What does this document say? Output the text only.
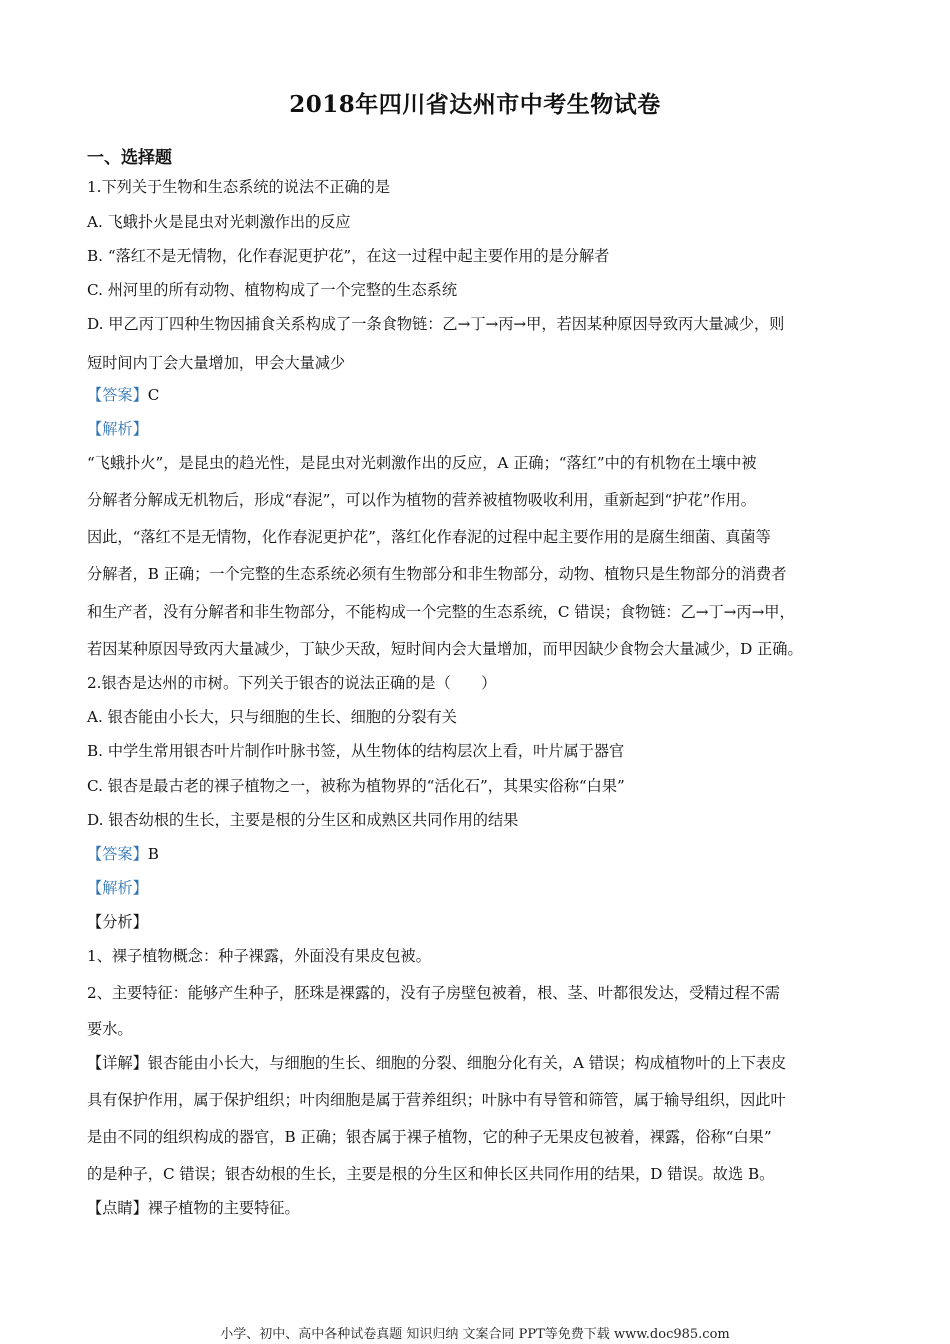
2018年四川省达州市中考生物试卷
一、选择题
1.下列关于生物和生态系统的说法不正确的是
A. 飞蛾扑火是昆虫对光刺激作出的反应
B. “落红不是无情物，化作春泥更护花”，在这一过程中起主要作用的是分解者
C. 州河里的所有动物、植物构成了一个完整的生态系统
D. 甲乙丙丁四种生物因捕食关系构成了一条食物链：乙→丁→丙→甲，若因某种原因导致丙大量减少，则
短时间内丁会大量增加，甲会大量减少
【答案】C
【解析】
“飞蛾扑火”，是昆虫的趋光性，是昆虫对光刺激作出的反应，A 正确；“落红”中的有机物在土壤中被
分解者分解成无机物后，形成“春泥”，可以作为植物的营养被植物吸收利用，重新起到“护花”作用。
因此，“落红不是无情物，化作春泥更护花”，落红化作春泥的过程中起主要作用的是腐生细菌、真菌等
分解者，B 正确；一个完整的生态系统必须有生物部分和非生物部分，动物、植物只是生物部分的消费者
和生产者，没有分解者和非生物部分，不能构成一个完整的生态系统，C 错误；食物链：乙→丁→丙→甲，
若因某种原因导致丙大量减少，丁缺少天敌，短时间内会大量增加，而甲因缺少食物会大量减少，D 正确。
2.银杏是达州的市树。下列关于银杏的说法正确的是（　　）
A. 银杏能由小长大，只与细胞的生长、细胞的分裂有关
B. 中学生常用银杏叶片制作叶脉书签，从生物体的结构层次上看，叶片属于器官
C. 银杏是最古老的裸子植物之一，被称为植物界的“活化石”，其果实俗称“白果”
D. 银杏幼根的生长，主要是根的分生区和成熟区共同作用的结果
【答案】B
【解析】
【分析】
1、裸子植物概念：种子裸露，外面没有果皮包被。
2、主要特征：能够产生种子，胚珠是裸露的，没有子房壁包被着，根、茎、叶都很发达，受精过程不需
要水。
【详解】银杏能由小长大，与细胞的生长、细胞的分裂、细胞分化有关，A 错误；构成植物叶的上下表皮
具有保护作用，属于保护组织；叶肉细胞是属于营养组织；叶脉中有导管和筛管，属于输导组织，因此叶
是由不同的组织构成的器官，B 正确；银杏属于裸子植物，它的种子无果皮包被着，裸露，俗称“白果”
的是种子，C 错误；银杏幼根的生长，主要是根的分生区和伸长区共同作用的结果，D 错误。故选 B。
【点睛】裸子植物的主要特征。
小学、初中、高中各种试卷真题 知识归纳 文案合同 PPT等免费下载 www.doc985.com
